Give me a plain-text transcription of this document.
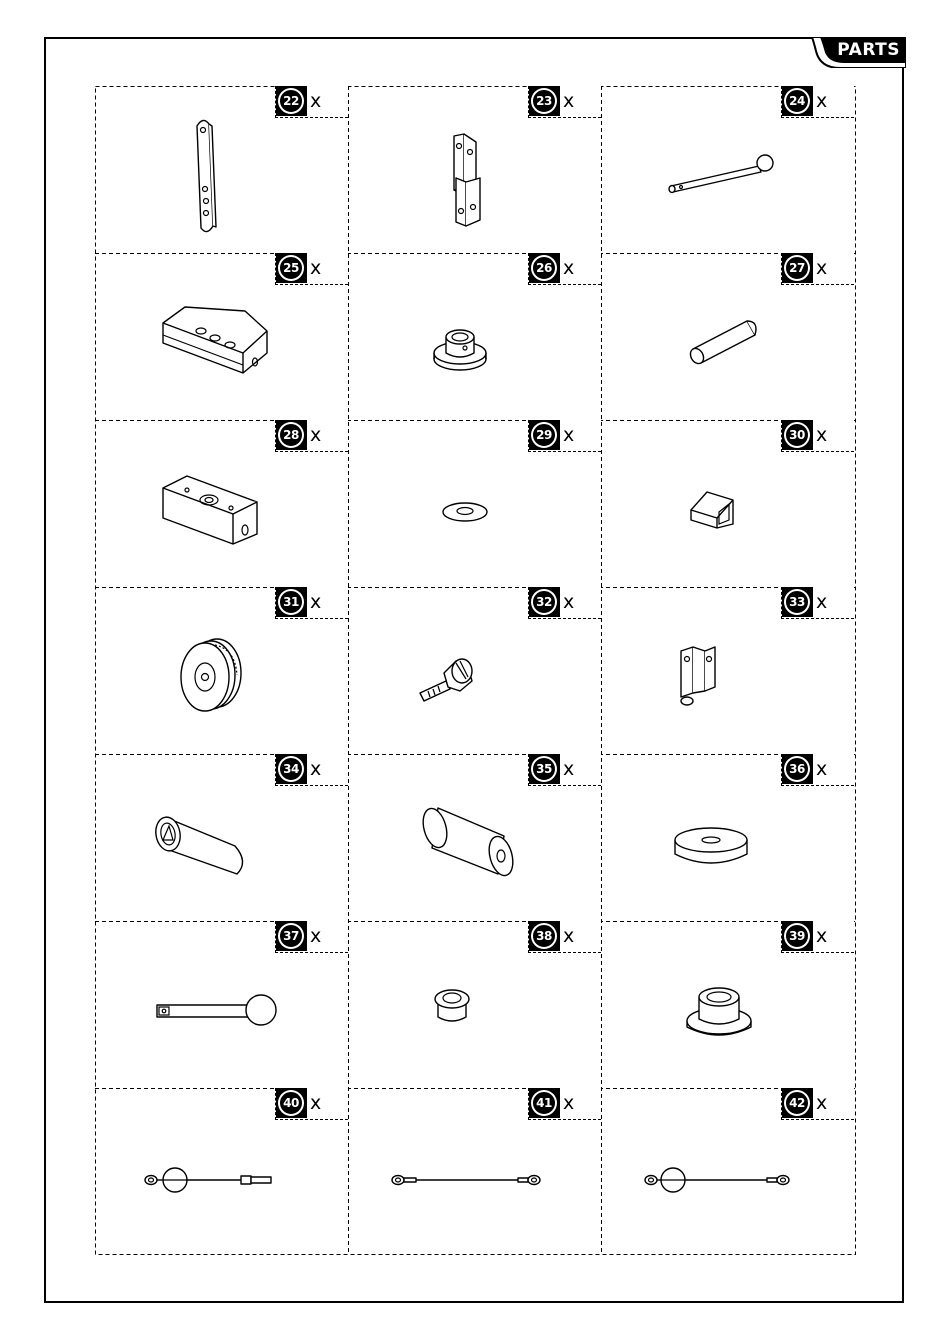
PARTS
22 x	23 x	24 x
25 x	26 x	27 x
28 x	29 x	30 x
31 x	32 x	33 x
34 x	35 x	36 x
37 x	38 x	39 x
40 x	41 x	42 x
